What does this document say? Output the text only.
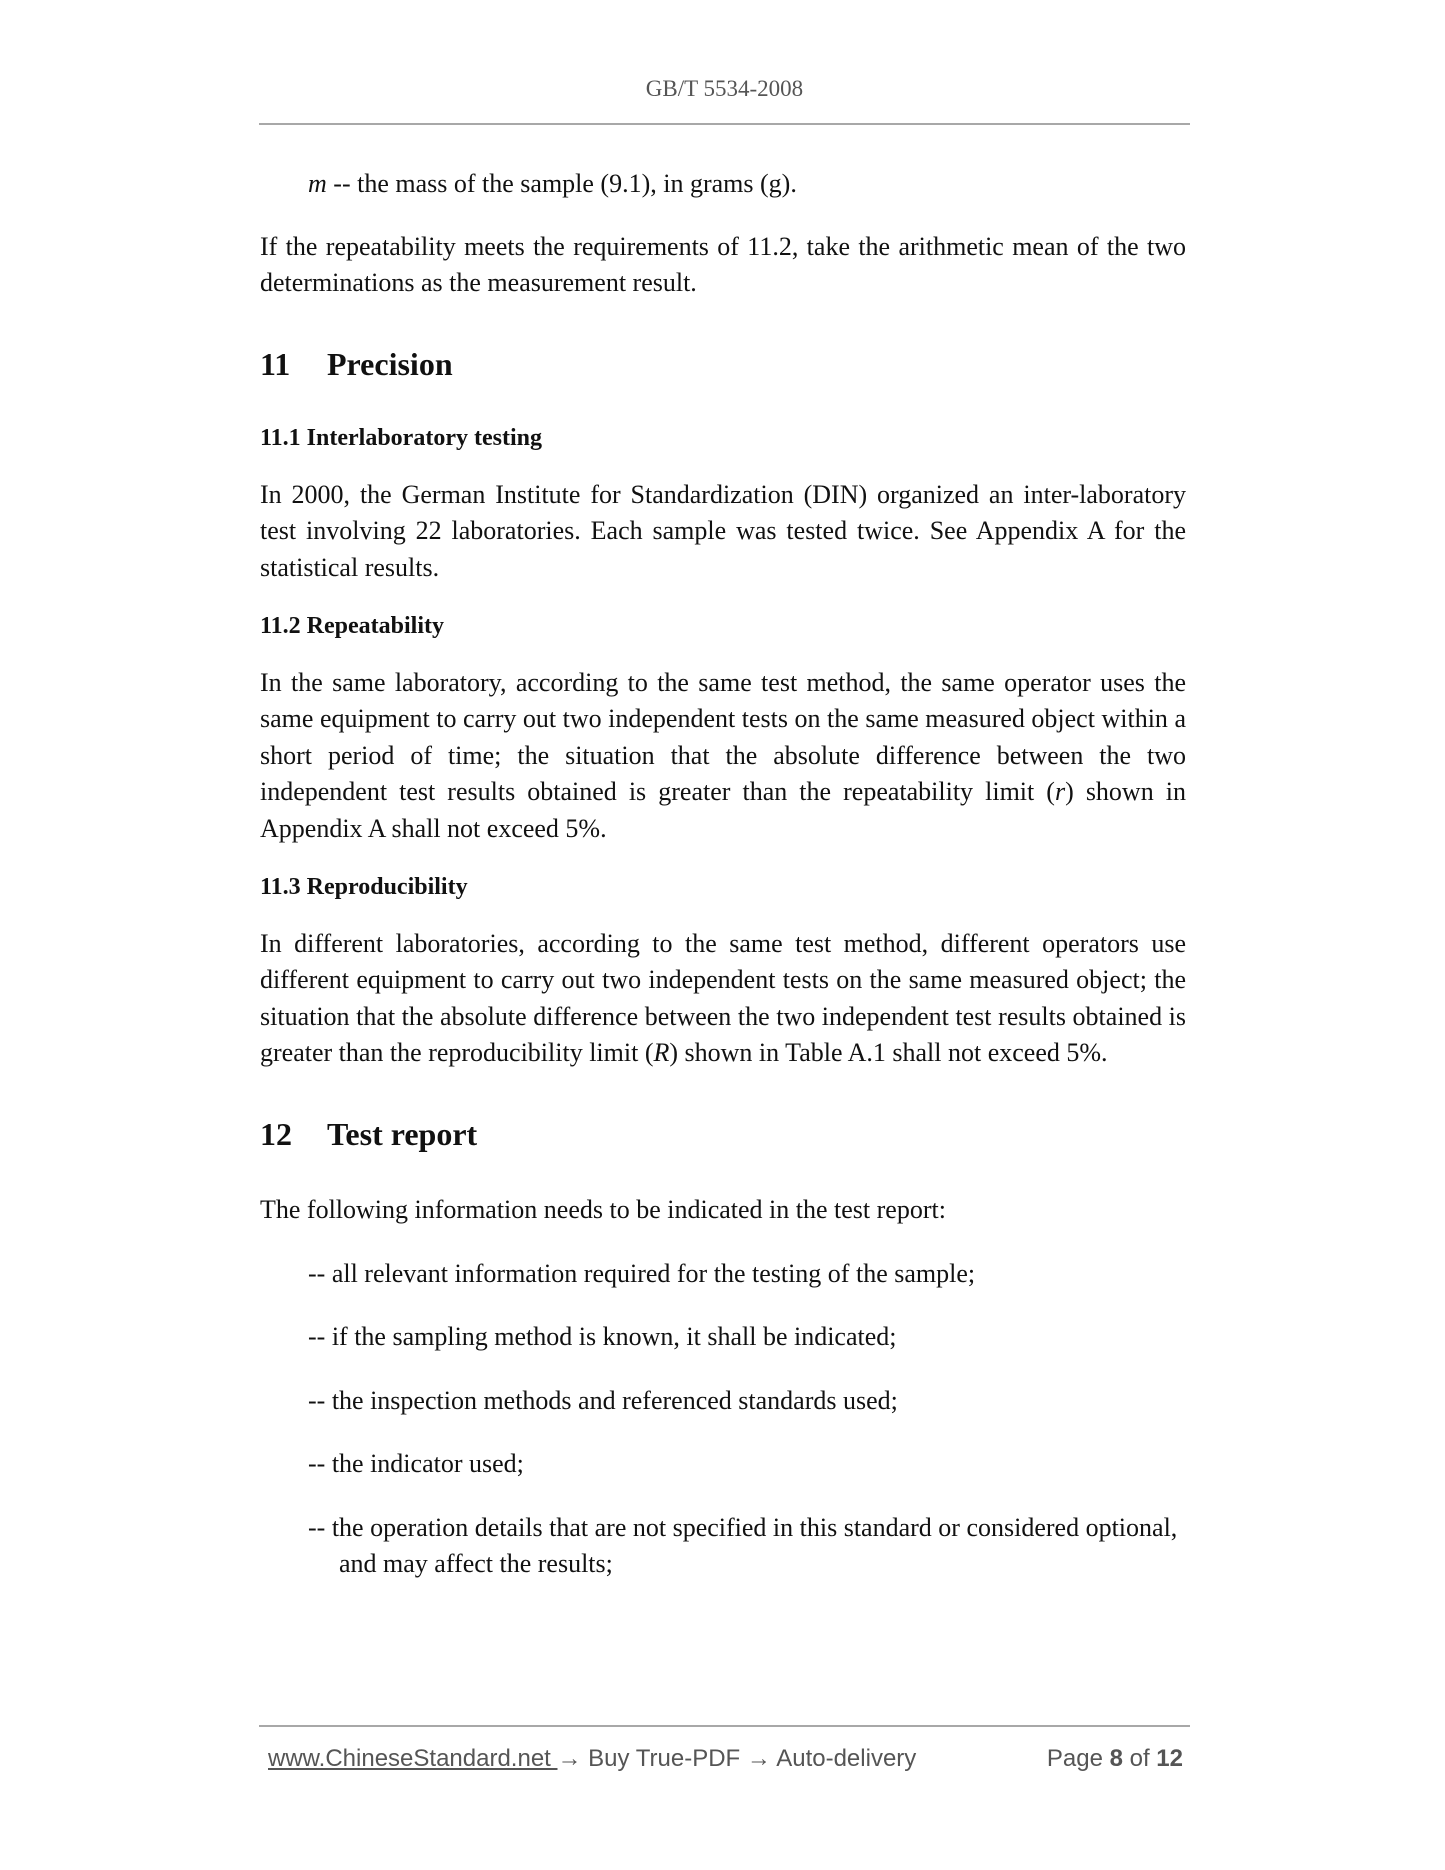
GB/T 5534-2008

m -- the mass of the sample (9.1), in grams (g).

If the repeatability meets the requirements of 11.2, take the arithmetic mean of the two determinations as the measurement result.

11 Precision
11.1 Interlaboratory testing

In 2000, the German Institute for Standardization (DIN) organized an inter-laboratory test involving 22 laboratories. Each sample was tested twice. See Appendix A for the statistical results.

11.2 Repeatability

In the same laboratory, according to the same test method, the same operator uses the same equipment to carry out two independent tests on the same measured object within a short period of time; the situation that the absolute difference between the two independent test results obtained is greater than the repeatability limit (r) shown in Appendix A shall not exceed 5%.

11.3 Reproducibility

In different laboratories, according to the same test method, different operators use different equipment to carry out two independent tests on the same measured object; the situation that the absolute difference between the two independent test results obtained is greater than the reproducibility limit (R) shown in Table A.1 shall not exceed 5%.

12 Test report

The following information needs to be indicated in the test report:

-- all relevant information required for the testing of the sample;

-- if the sampling method is known, it shall be indicated;

-- the inspection methods and referenced standards used;

-- the indicator used;

-- the operation details that are not specified in this standard or considered optional,
and may affect the results;

www.ChineseStandard.net → Buy True-PDF → Auto-delivery	Page 8 of 12
